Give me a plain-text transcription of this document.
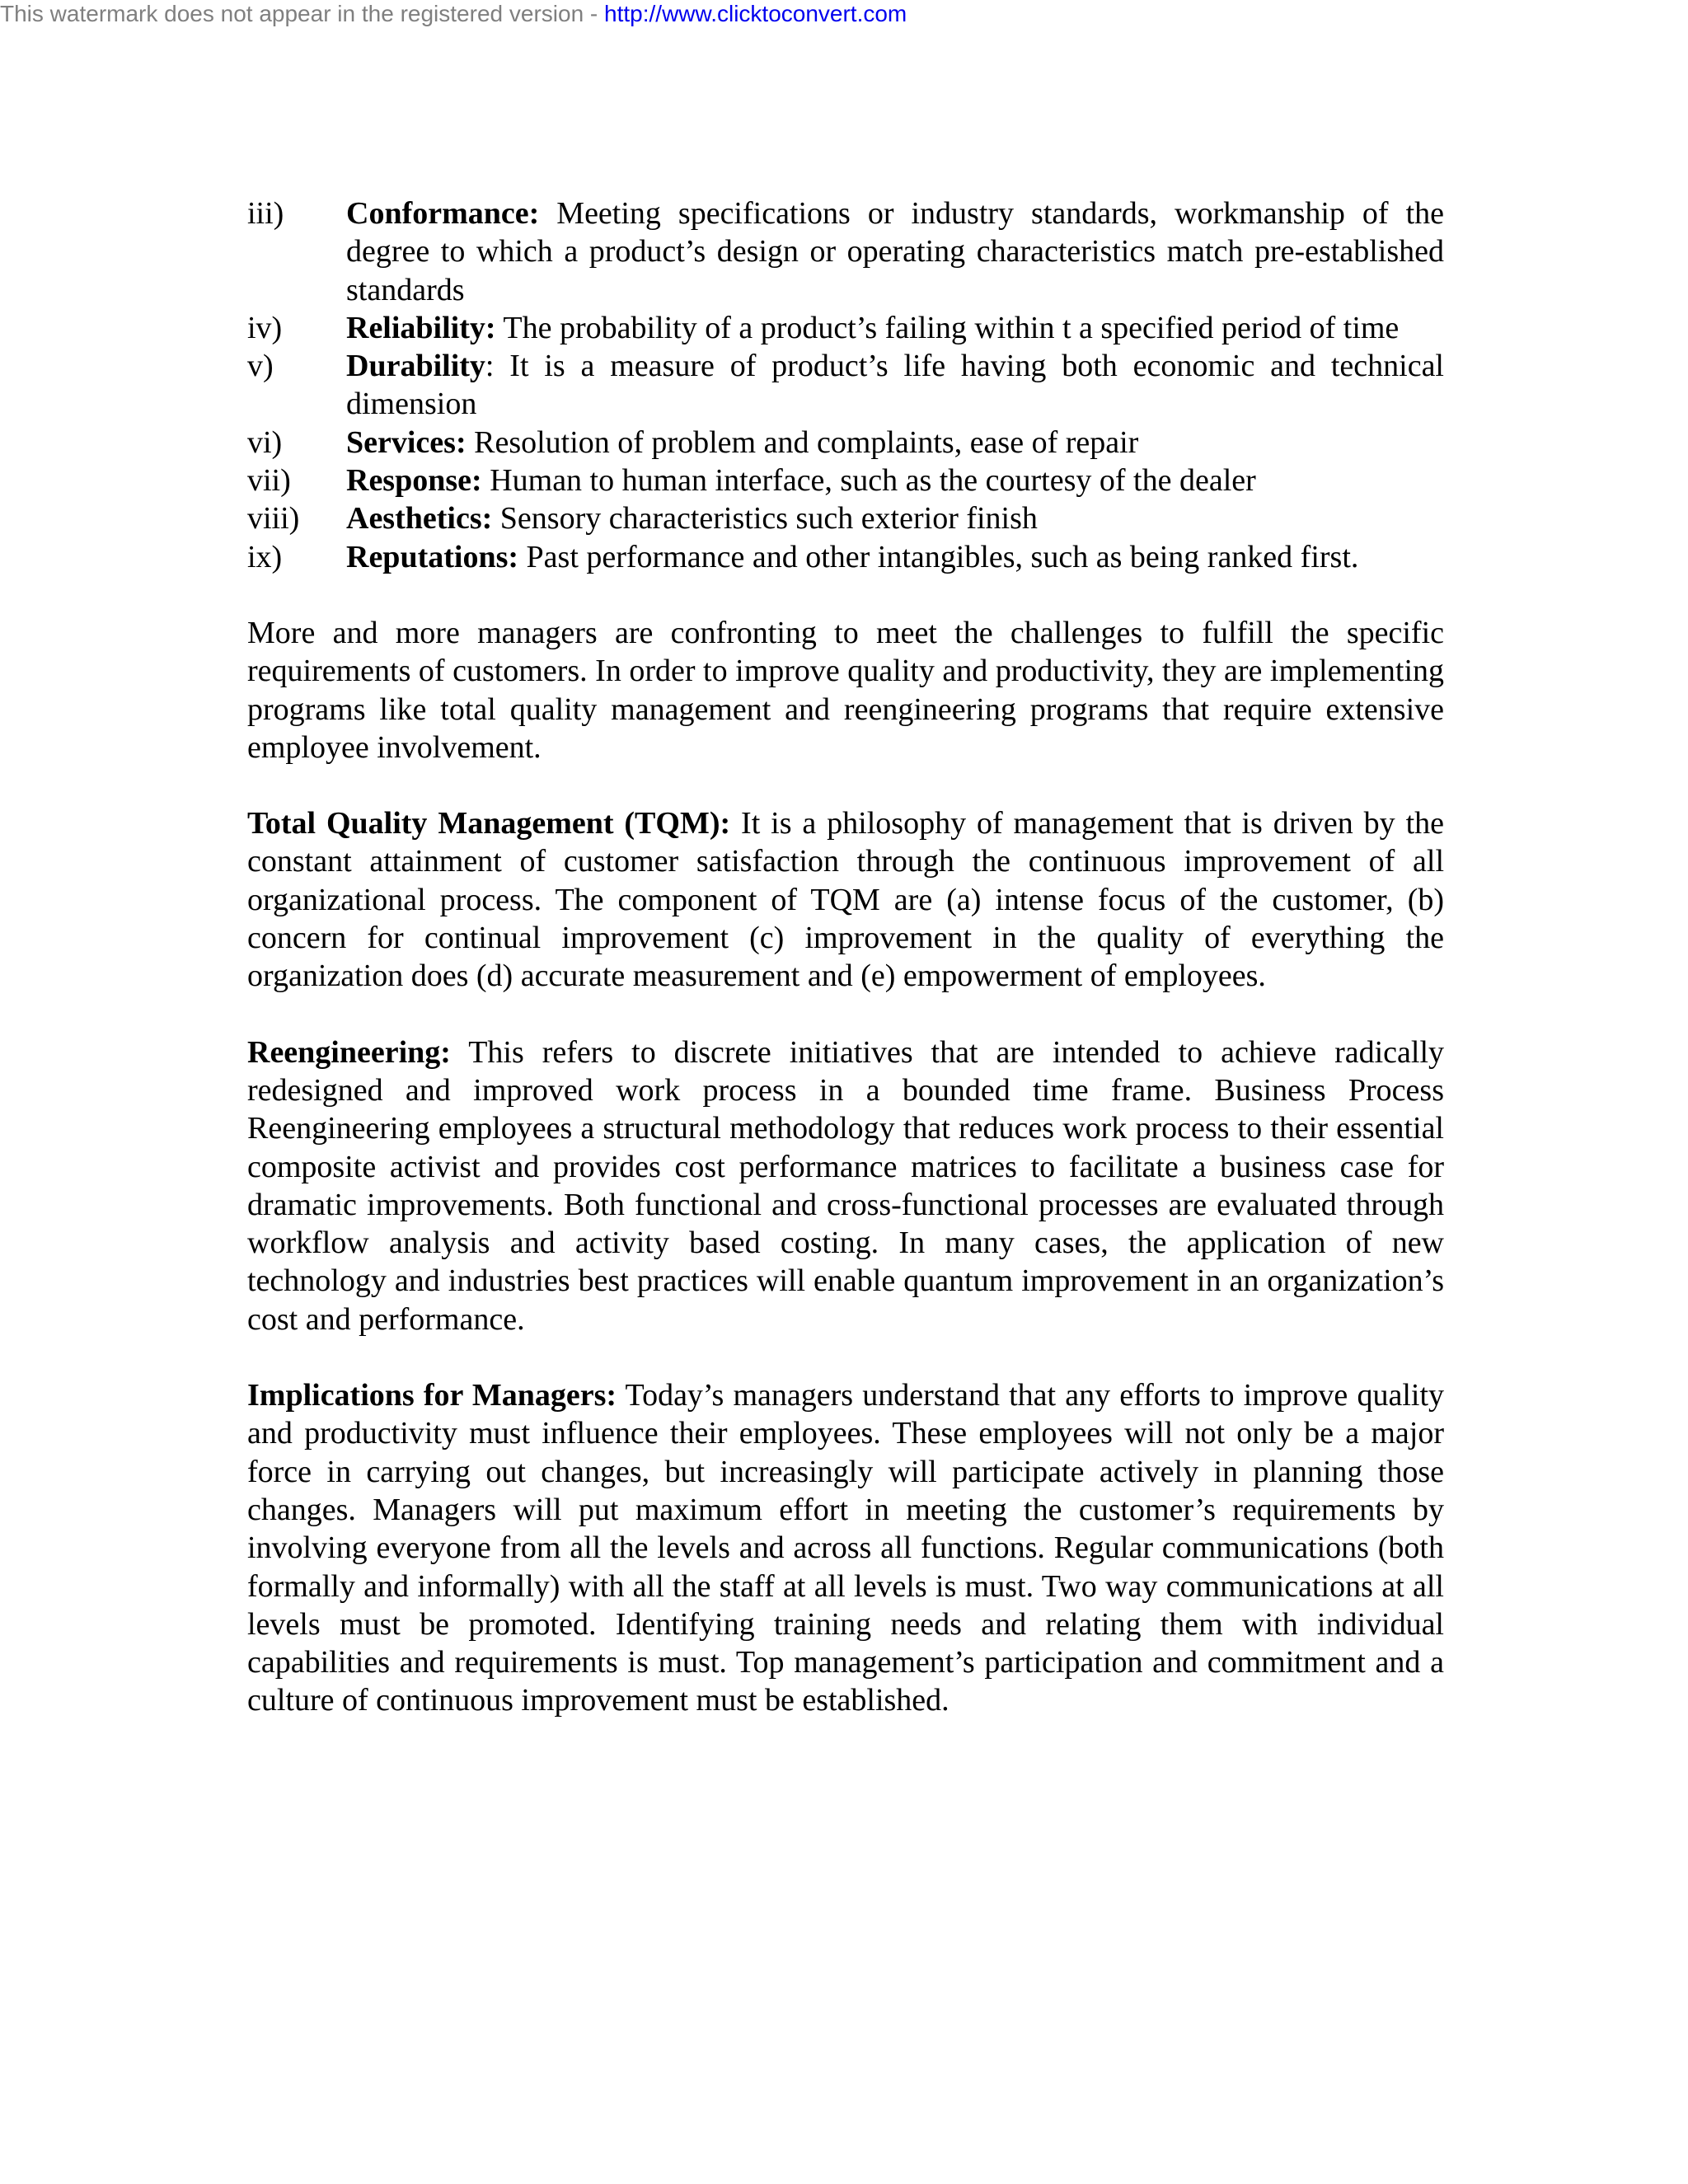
This watermark does not appear in the registered version - http://www.clicktoconvert.com
iii)	Conformance: Meeting specifications or industry standards, workmanship of the degree to which a product’s design or operating characteristics match pre-established standards
iv)	Reliability: The probability of a product’s failing within t a specified period of time
v)	Durability: It is a measure of product’s life having both economic and technical dimension
vi)	Services: Resolution of problem and complaints, ease of repair
vii)	Response: Human to human interface, such as the courtesy of the dealer
viii)	Aesthetics: Sensory characteristics such exterior finish
ix)	Reputations: Past performance and other intangibles, such as being ranked first.

More and more managers are confronting to meet the challenges to fulfill the specific requirements of customers. In order to improve quality and productivity, they are implementing programs like total quality management and reengineering programs that require extensive employee involvement.

Total Quality Management (TQM): It is a philosophy of management that is driven by the constant attainment of customer satisfaction through the continuous improvement of all organizational process. The component of TQM are (a) intense focus of the customer, (b) concern for continual improvement (c) improvement in the quality of everything the organization does (d) accurate measurement and (e) empowerment of employees.

Reengineering: This refers to discrete initiatives that are intended to achieve radically redesigned and improved work process in a bounded time frame. Business Process Reengineering employees a structural methodology that reduces work process to their essential composite activist and provides cost performance matrices to facilitate a business case for dramatic improvements. Both functional and cross-functional processes are evaluated through workflow analysis and activity based costing. In many cases, the application of new technology and industries best practices will enable quantum improvement in an organization’s cost and performance.

Implications for Managers: Today’s managers understand that any efforts to improve quality and productivity must influence their employees. These employees will not only be a major force in carrying out changes, but increasingly will participate actively in planning those changes. Managers will put maximum effort in meeting the customer’s requirements by involving everyone from all the levels and across all functions. Regular communications (both formally and informally) with all the staff at all levels is must. Two way communications at all levels must be promoted. Identifying training needs and relating them with individual capabilities and requirements is must. Top management’s participation and commitment and a culture of continuous improvement must be established.
